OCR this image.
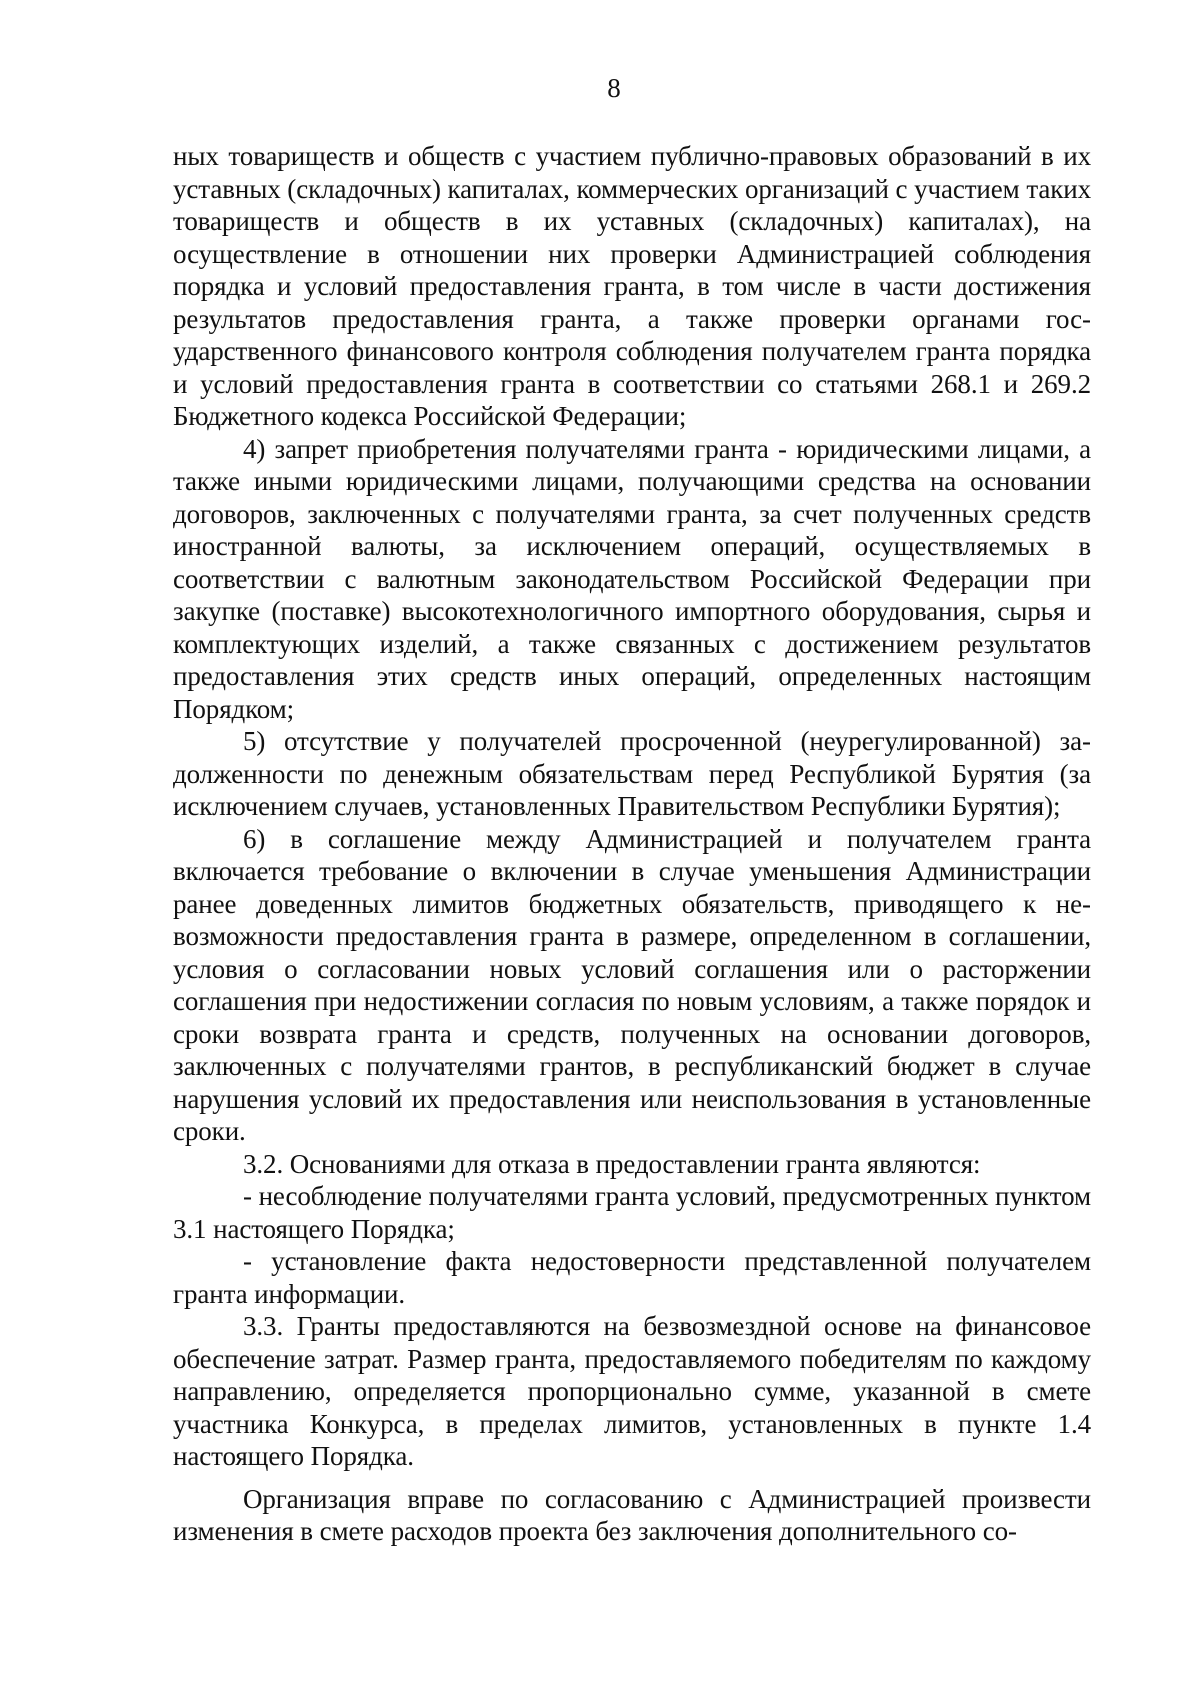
8

ных товариществ и обществ с участием публично-правовых образований в их уставных (складочных) капиталах, коммерческих организаций с участием таких товариществ и обществ в их уставных (складочных) капиталах), на осуществление в отношении них проверки Администрацией соблюдения порядка и условий предоставления гранта, в том числе в части достижения результатов предоставления гранта, а также проверки органами государственного финансового контроля соблюдения получателем гранта порядка и условий предоставления гранта в соответствии со статьями 268.1 и 269.2 Бюджетного кодекса Российской Федерации;

4) запрет приобретения получателями гранта - юридическими лицами, а также иными юридическими лицами, получающими средства на основании договоров, заключенных с получателями гранта, за счет полученных средств иностранной валюты, за исключением операций, осуществляемых в соответствии с валютным законодательством Российской Федерации при закупке (поставке) высокотехнологичного импортного оборудования, сырья и комплектующих изделий, а также связанных с достижением результатов предоставления этих средств иных операций, определенных настоящим Порядком;

5) отсутствие у получателей просроченной (неурегулированной) задолженности по денежным обязательствам перед Республикой Бурятия (за исключением случаев, установленных Правительством Республики Бурятия);

6) в соглашение между Администрацией и получателем гранта включается требование о включении в случае уменьшения Администрации ранее доведенных лимитов бюджетных обязательств, приводящего к невозможности предоставления гранта в размере, определенном в соглашении, условия о согласовании новых условий соглашения или о расторжении соглашения при недостижении согласия по новым условиям, а также порядок и сроки возврата гранта и средств, полученных на основании договоров, заключенных с получателями грантов, в республиканский бюджет в случае нарушения условий их предоставления или неиспользования в установленные сроки.

3.2. Основаниями для отказа в предоставлении гранта являются:

- несоблюдение получателями гранта условий, предусмотренных пунктом 3.1 настоящего Порядка;

- установление факта недостоверности представленной получателем гранта информации.

3.3. Гранты предоставляются на безвозмездной основе на финансовое обеспечение затрат. Размер гранта, предоставляемого победителям по каждому направлению, определяется пропорционально сумме, указанной в смете участника Конкурса, в пределах лимитов, установленных в пункте 1.4 настоящего Порядка.

Организация вправе по согласованию с Администрацией произвести изменения в смете расходов проекта без заключения дополнительного со-
